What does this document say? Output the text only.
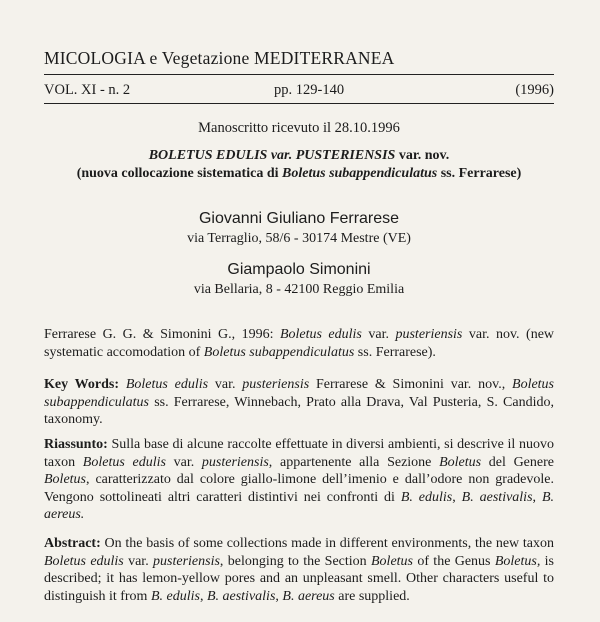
MICOLOGIA e Vegetazione MEDITERRANEA
VOL. XI - n. 2	pp. 129-140	(1996)
Manoscritto ricevuto il 28.10.1996
BOLETUS EDULIS var. PUSTERIENSIS var. nov.
(nuova collocazione sistematica di Boletus subappendiculatus ss. Ferrarese)
Giovanni Giuliano Ferrarese
via Terraglio, 58/6 - 30174 Mestre (VE)
Giampaolo Simonini
via Bellaria, 8 - 42100 Reggio Emilia
Ferrarese G. G. & Simonini G., 1996: Boletus edulis var. pusteriensis var. nov. (new systematic accomodation of Boletus subappendiculatus ss. Ferrarese).
Key Words: Boletus edulis var. pusteriensis Ferrarese & Simonini var. nov., Boletus subappendiculatus ss. Ferrarese, Winnebach, Prato alla Drava, Val Pusteria, S. Candido, taxonomy.
Riassunto: Sulla base di alcune raccolte effettuate in diversi ambienti, si descrive il nuovo taxon Boletus edulis var. pusteriensis, appartenente alla Sezione Boletus del Genere Boletus, caratterizzato dal colore giallo-limone dell’imenio e dall’odore non gradevole. Vengono sottolineati altri caratteri distintivi nei confronti di B. edulis, B. aestivalis, B. aereus.
Abstract: On the basis of some collections made in different environments, the new taxon Boletus edulis var. pusteriensis, belonging to the Section Boletus of the Genus Boletus, is described; it has lemon-yellow pores and an unpleasant smell. Other characters useful to distinguish it from B. edulis, B. aestivalis, B. aereus are supplied.
